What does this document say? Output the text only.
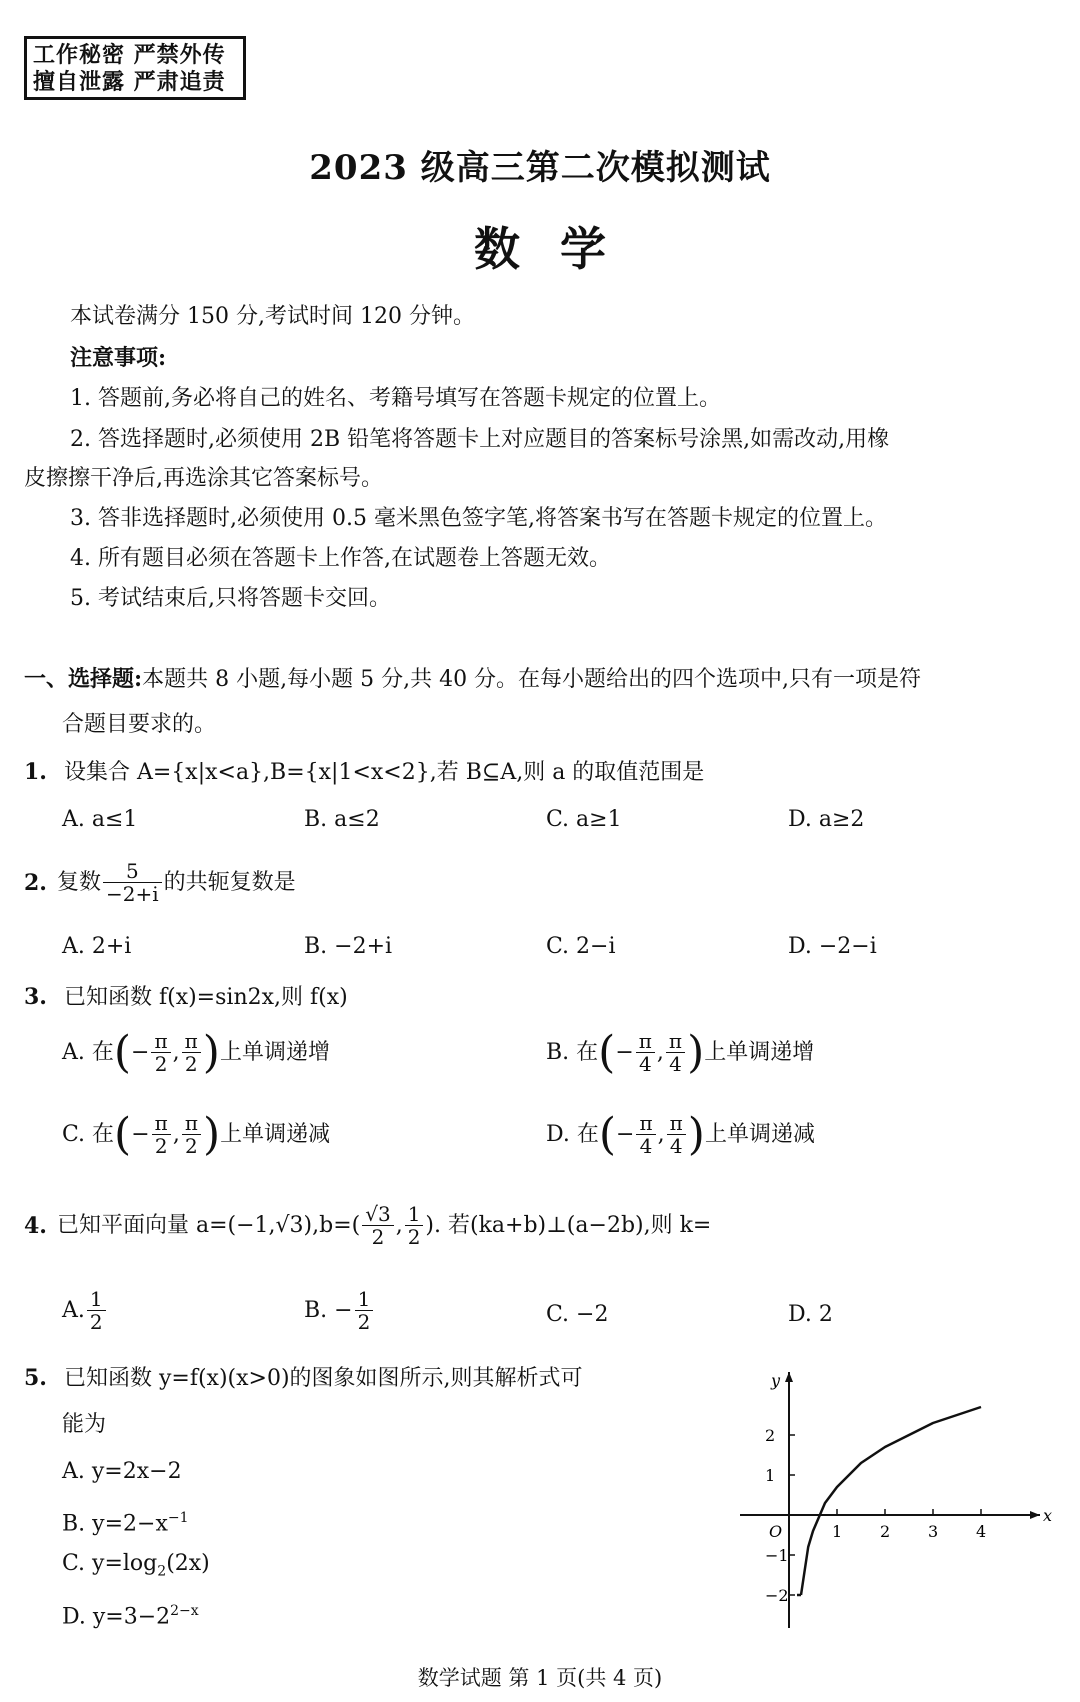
工作秘密 严禁外传
擅自泄露 严肃追责
2023 级高三第二次模拟测试
数学
本试卷满分 150 分,考试时间 120 分钟。
注意事项:
1. 答题前,务必将自己的姓名、考籍号填写在答题卡规定的位置上。
2. 答选择题时,必须使用 2B 铅笔将答题卡上对应题目的答案标号涂黑,如需改动,用橡
皮擦擦干净后,再选涂其它答案标号。
3. 答非选择题时,必须使用 0.5 毫米黑色签字笔,将答案书写在答题卡规定的位置上。
4. 所有题目必须在答题卡上作答,在试题卷上答题无效。
5. 考试结束后,只将答题卡交回。
一、选择题:本题共 8 小题,每小题 5 分,共 40 分。在每小题给出的四个选项中,只有一项是符
合题目要求的。
1. 设集合 A={x|x<a},B={x|1<x<2},若 B⊆A,则 a 的取值范围是
A. a≤1	B. a≤2	C. a≥1	D. a≥2
2. 复数 $\frac{5}{-2+i}$ 的共轭复数是
A. 2+i	B. −2+i	C. 2−i	D. −2−i
3. 已知函数 f(x)=sin2x,则 f(x)
A. 在 ( − $\frac{\pi}{2}$ , $\frac{\pi}{2}$ ) 上单调递增	B. 在 ( − $\frac{\pi}{4}$ , $\frac{\pi}{4}$ ) 上单调递增
C. 在 ( − $\frac{\pi}{2}$ , $\frac{\pi}{2}$ ) 上单调递减	D. 在 ( − $\frac{\pi}{4}$ , $\frac{\pi}{4}$ ) 上单调递减
4. 已知平面向量 $a=(-1,√3),b=( \frac{√3}{2}$ , $\frac{1}{2}$ ). 若(ka+b)⊥(a−2b),则 k=
A. $\frac{1}{2}$	B. − $\frac{1}{2}$	C. −2	D. 2
5. 已知函数 y=f(x)(x>0)的图象如图所示,则其解析式可
能为
A. y=2x−2
B. $y=2-x^{-1}$
C. $y=\log_2(2x)$
D. $y=3-2^{2-x}$
x
y
O	1 2 3 4
2
1
−1
−2
数学试题 第 1 页(共 4 页)
